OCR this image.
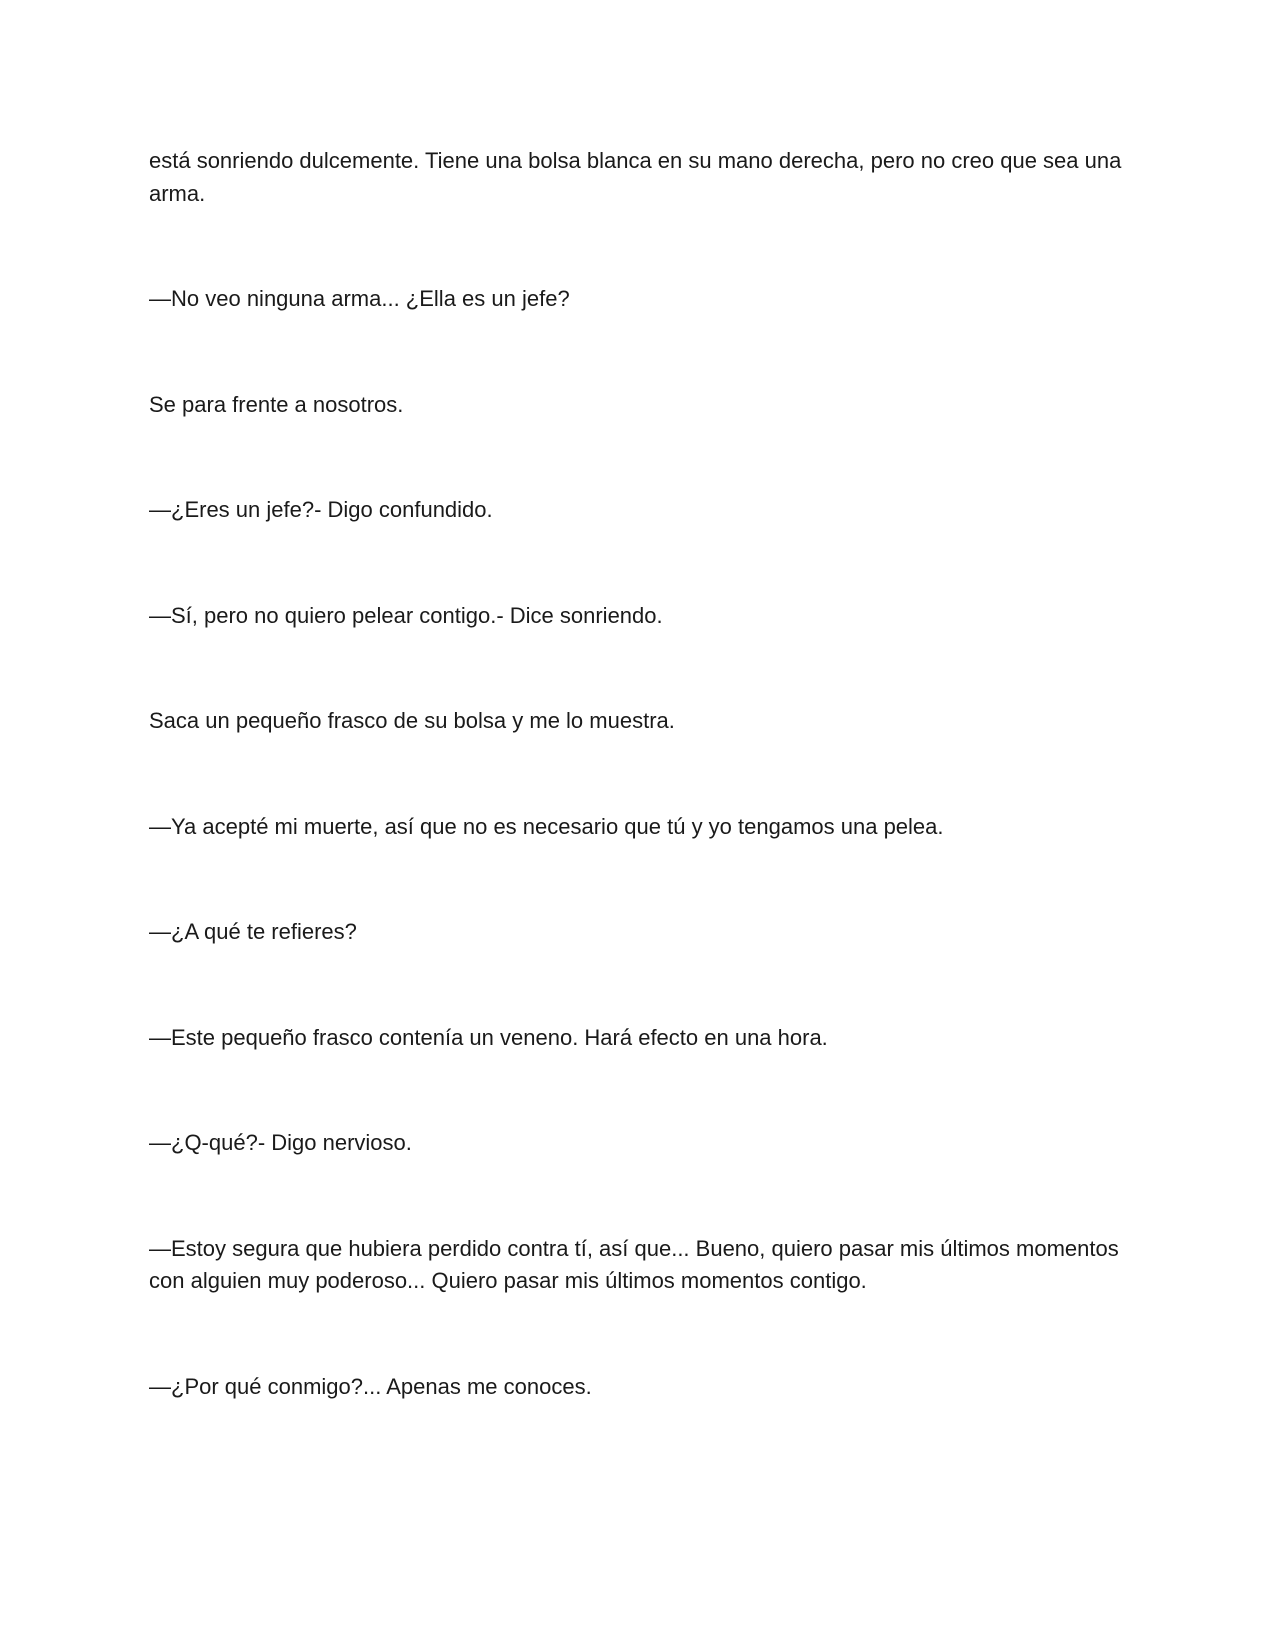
está sonriendo dulcemente. Tiene una bolsa blanca en su mano derecha, pero no creo que sea una arma.

—No veo ninguna arma... ¿Ella es un jefe?

Se para frente a nosotros.

—¿Eres un jefe?- Digo confundido.

—Sí, pero no quiero pelear contigo.- Dice sonriendo.

Saca un pequeño frasco de su bolsa y me lo muestra.

—Ya acepté mi muerte, así que no es necesario que tú y yo tengamos una pelea.

—¿A qué te refieres?

—Este pequeño frasco contenía un veneno. Hará efecto en una hora.

—¿Q-qué?- Digo nervioso.

—Estoy segura que hubiera perdido contra tí, así que... Bueno, quiero pasar mis últimos momentos con alguien muy poderoso... Quiero pasar mis últimos momentos contigo.

—¿Por qué conmigo?... Apenas me conoces.
